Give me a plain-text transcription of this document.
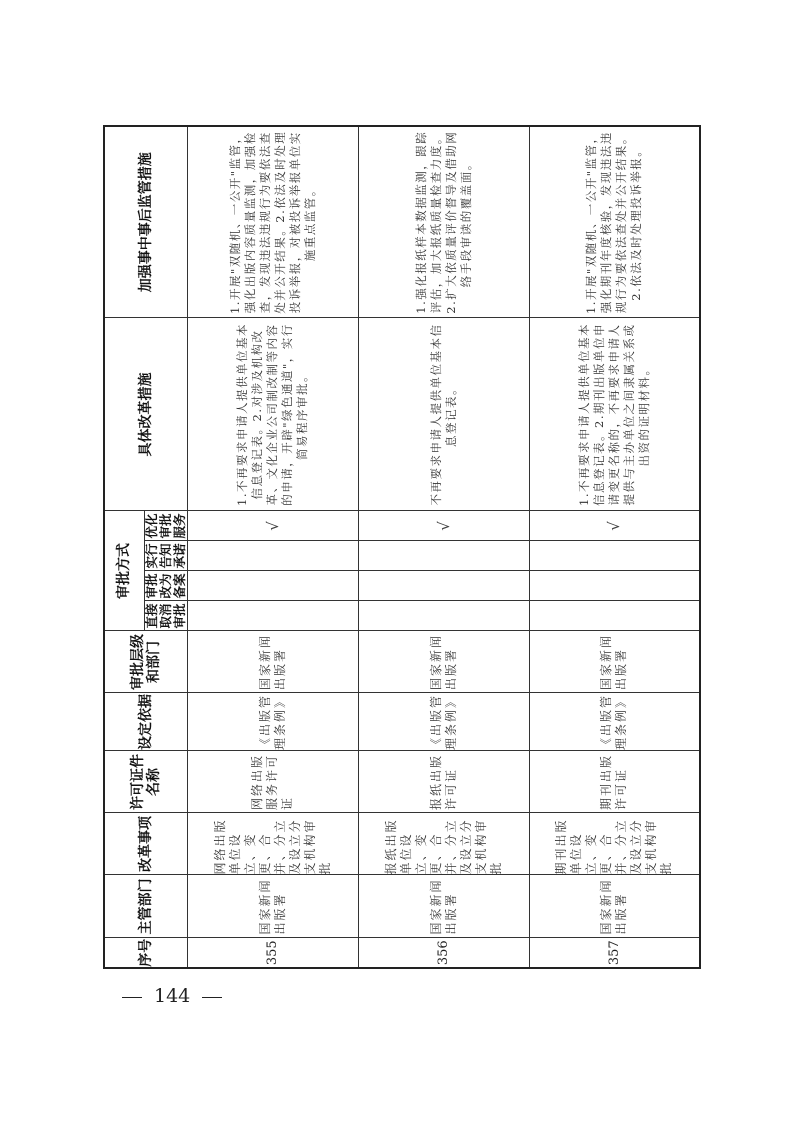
序号	主管部门	改革事项	许可证件名称	设定依据	审批层级和部门	审批方式				具体改革措施	加强事中事后监管措施
						直接取消审批	审批改为备案	实行告知承诺	优化审批服务		
355	国家新闻出版署	网络出版单位设立、变更、合并、分立及设立分支机构审批	网络出版服务许可证	《出版管理条例》	国家新闻出版署				√	1.不再要求申请人提供单位基本信息登记表。2.对涉及机构改革、文化企业公司制改制等内容的申请，开辟"绿色通道"，实行简易程序审批。	1.开展"双随机、一公开"监管，强化出版内容质量监测，加强检查，发现违法违规行为要依法查处并公开结果。2.依法及时处理投诉举报，对被投诉举报单位实施重点监管。
356	国家新闻出版署	报纸出版单位设立、变更、合并、分立及设立分支机构审批	报纸出版许可证	《出版管理条例》	国家新闻出版署				√	不再要求申请人提供单位基本信息登记表。	1.强化报纸样本数据监测，跟踪评估，加大报纸质量检查力度。2.扩大依质量评价督导及借助网络手段审读的覆盖面。
357	国家新闻出版署	期刊出版单位设立、变更、合并、分立及设立分支机构审批	期刊出版许可证	《出版管理条例》	国家新闻出版署				√	1.不再要求申请人提供单位基本信息登记表。2.期刊出版单位申请变更名称的，不再要求申请人提供与主办单位之间隶属关系或出资的证明材料。	1.开展"双随机、一公开"监管，强化期刊年度核验，发现违法违规行为要依法查处并公开结果。2.依法及时处理投诉举报。
144
